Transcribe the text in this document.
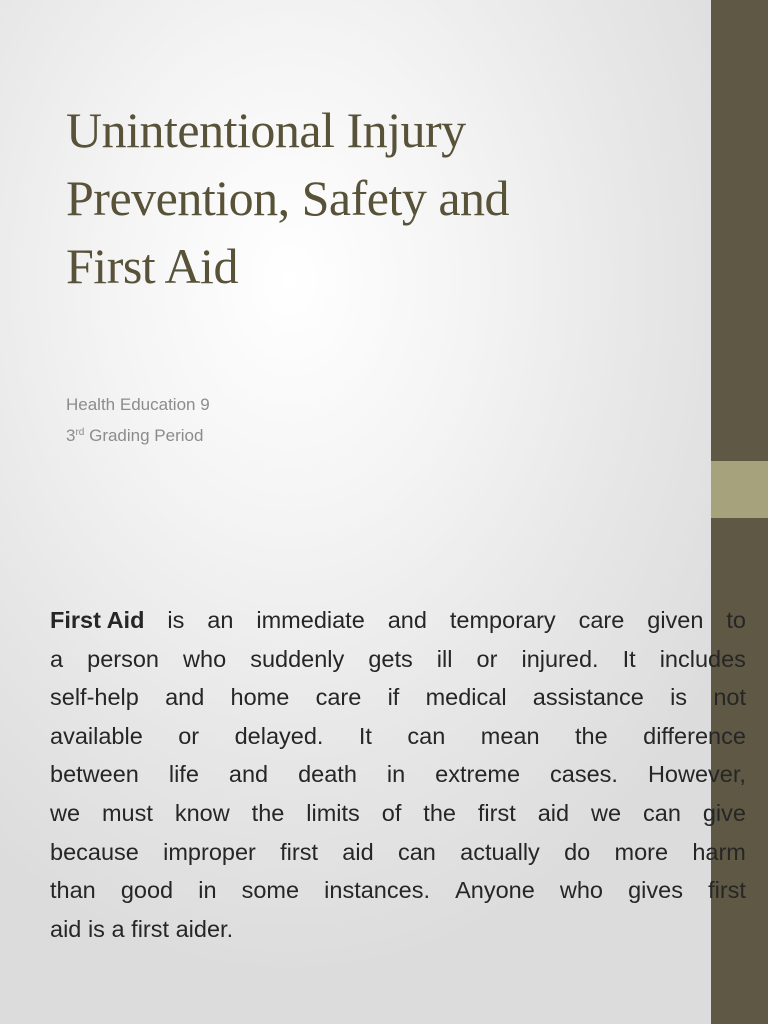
Unintentional Injury
Prevention, Safety and
First Aid
Health Education 9
3rd Grading Period
First Aid is an immediate and temporary care given to
a person who suddenly gets ill or injured. It includes
self-help and home care if medical assistance is not
available or delayed. It can mean the difference
between life and death in extreme cases. However,
we must know the limits of the first aid we can give
because improper first aid can actually do more harm
than good in some instances. Anyone who gives first
aid is a first aider.
